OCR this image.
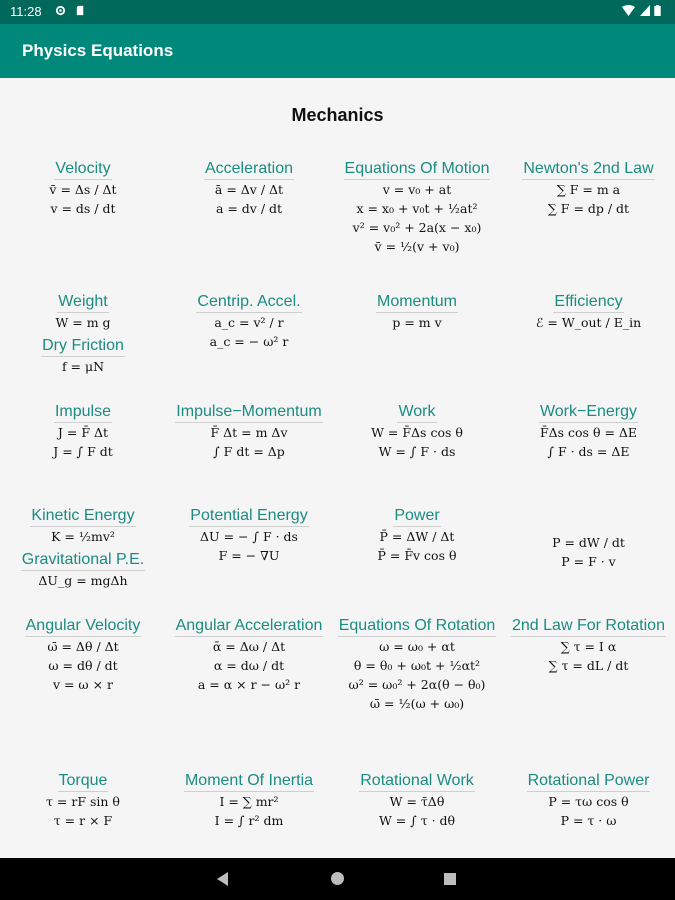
11:28
Physics Equations
Mechanics
Velocity
v̄ = Δs / Δt
v = ds / dt
Acceleration
ā = Δv / Δt
a = dv / dt
Equations Of Motion
v = v₀ + at
x = x₀ + v₀t + ½at²
v² = v₀² + 2a(x − x₀)
v̄ = ½(v + v₀)
Newton's 2nd Law
∑ F = m a
∑ F = dp / dt
Weight
W = m g
Dry Friction
f = μN
Centrip. Accel.
a_c = v² / r
a_c = − ω² r
Momentum
p = m v
Efficiency
ℰ = W_out / E_in
Impulse
J = F̄ Δt
J = ∫ F dt
Impulse−Momentum
F̄ Δt = m Δv
∫ F dt = Δp
Work
W = F̄Δs cos θ
W = ∫ F · ds
Work−Energy
F̄Δs cos θ = ΔE
∫ F · ds = ΔE
Kinetic Energy
K = ½mv²
Gravitational P.E.
ΔU_g = mgΔh
Potential Energy
ΔU = − ∫ F · ds
F = − ∇U
Power
P̄ = ΔW / Δt
P̄ = F̄v cos θ
P = dW / dt
P = F · v
Angular Velocity
ω̄ = Δθ / Δt
ω = dθ / dt
v = ω × r
Angular Acceleration
ᾱ = Δω / Δt
α = dω / dt
a = α × r − ω² r
Equations Of Rotation
ω = ω₀ + αt
θ = θ₀ + ω₀t + ½αt²
ω² = ω₀² + 2α(θ − θ₀)
ω̄ = ½(ω + ω₀)
2nd Law For Rotation
∑ τ = I α
∑ τ = dL / dt
Torque
τ = rF sin θ
τ = r × F
Moment Of Inertia
I = ∑ mr²
I = ∫ r² dm
Rotational Work
W = τ̄Δθ
W = ∫ τ · dθ
Rotational Power
P = τω cos θ
P = τ · ω
